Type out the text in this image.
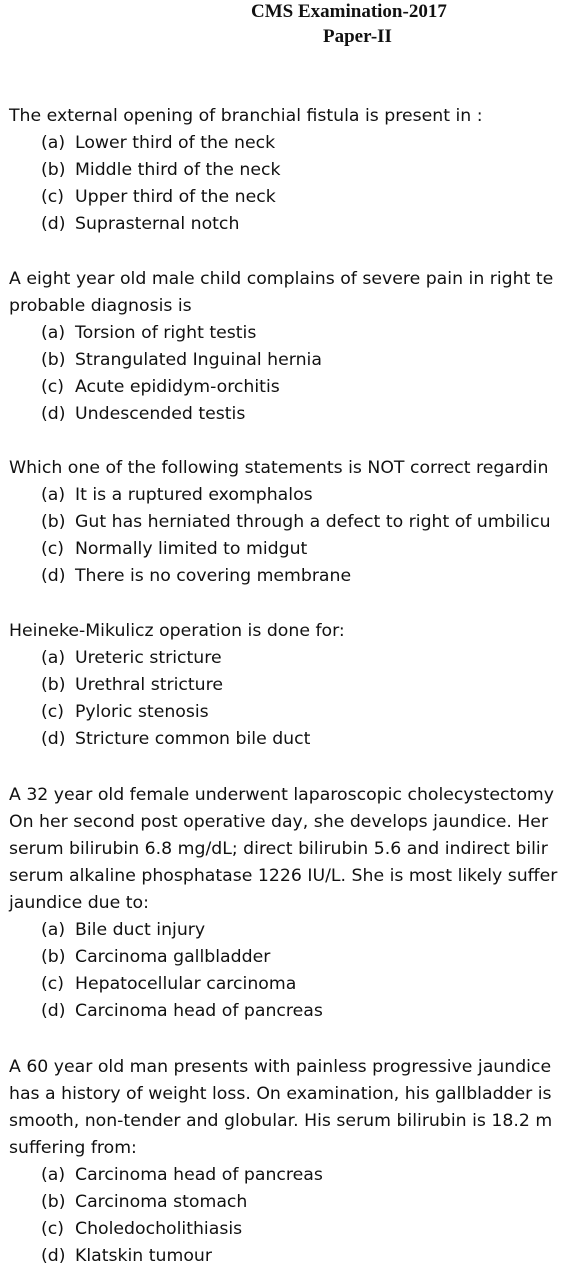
CMS Examination-2017
Paper-II
The external opening of branchial fistula is present in :
(a) Lower third of the neck
(b) Middle third of the neck
(c) Upper third of the neck
(d) Suprasternal notch
A eight year old male child complains of severe pain in right te
probable diagnosis is
(a) Torsion of right testis
(b) Strangulated Inguinal hernia
(c) Acute epididym-orchitis
(d) Undescended testis
Which one of the following statements is NOT correct regardin
(a) It is a ruptured exomphalos
(b) Gut has herniated through a defect to right of umbilicu
(c) Normally limited to midgut
(d) There is no covering membrane
Heineke-Mikulicz operation is done for:
(a) Ureteric stricture
(b) Urethral stricture
(c) Pyloric stenosis
(d) Stricture common bile duct
A 32 year old female underwent laparoscopic cholecystectomy
On her second post operative day, she develops jaundice. Her
serum bilirubin 6.8 mg/dL; direct bilirubin 5.6 and indirect bilir
serum alkaline phosphatase 1226 IU/L. She is most likely suffer
jaundice due to:
(a) Bile duct injury
(b) Carcinoma gallbladder
(c) Hepatocellular carcinoma
(d) Carcinoma head of pancreas
A 60 year old man presents with painless progressive jaundice
has a history of weight loss. On examination, his gallbladder is
smooth, non-tender and globular. His serum bilirubin is 18.2 m
suffering from:
(a) Carcinoma head of pancreas
(b) Carcinoma stomach
(c) Choledocholithiasis
(d) Klatskin tumour
